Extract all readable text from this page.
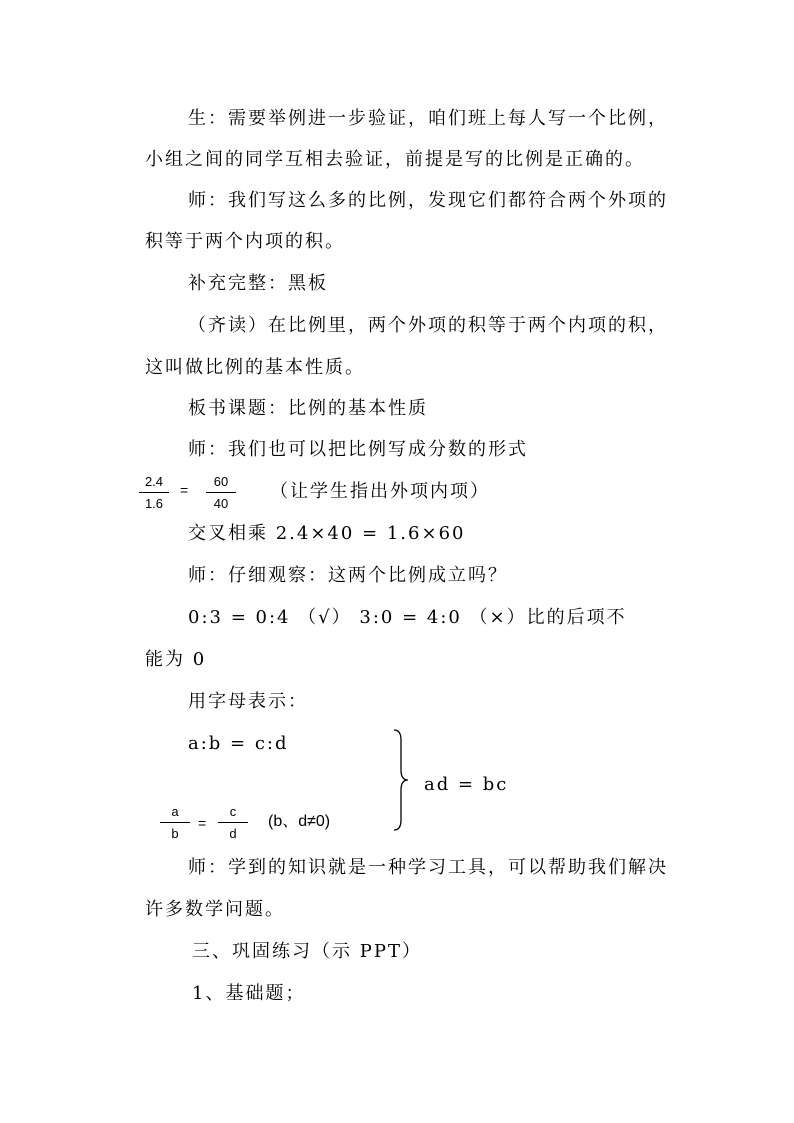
生：需要举例进一步验证，咱们班上每人写一个比例，
小组之间的同学互相去验证，前提是写的比例是正确的。
师：我们写这么多的比例，发现它们都符合两个外项的
积等于两个内项的积。
补充完整：黑板
（齐读）在比例里，两个外项的积等于两个内项的积，
这叫做比例的基本性质。
板书课题：比例的基本性质
师：我们也可以把比例写成分数的形式
2.4
1.6
=
60
40
（让学生指出外项内项）
交叉相乘 2.4×40 = 1.6×60
师：仔细观察：这两个比例成立吗？
0:3 = 0:4 （√） 3:0 = 4:0 （×）比的后项不
能为 0
用字母表示：
a:b = c:d
a
b
=
c
d
(b、d≠0)
ad = bc
师：学到的知识就是一种学习工具，可以帮助我们解决
许多数学问题。
三、巩固练习（示 PPT）
1、基础题；
